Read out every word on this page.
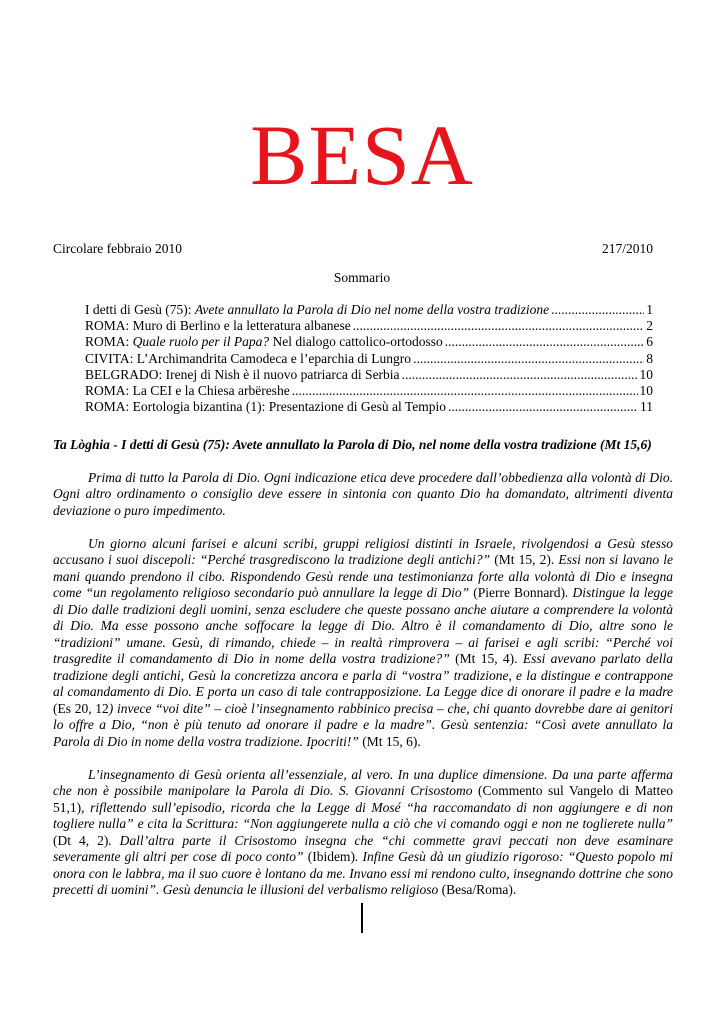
BESA
Circolare febbraio 2010	217/2010
Sommario
I detti di Gesù (75): Avete annullato la Parola di Dio nel nome della vostra tradizione .....	1
ROMA: Muro di Berlino e la letteratura albanese .....	2
ROMA: Quale ruolo per il Papa? Nel dialogo cattolico-ortodosso .....	6
CIVITA: L’Archimandrita Camodeca e l’eparchia di Lungro .....	8
BELGRADO: Irenej di Nish è il nuovo patriarca di Serbia .....	10
ROMA: La CEI e la Chiesa arbëreshe .....	10
ROMA: Eortologia bizantina (1): Presentazione di Gesù al Tempio .....	11
Ta Lòghia - I detti di Gesù (75): Avete annullato la Parola di Dio, nel nome della vostra tradizione (Mt 15,6)

Prima di tutto la Parola di Dio. Ogni indicazione etica deve procedere dall’obbedienza alla volontà di Dio. Ogni altro ordinamento o consiglio deve essere in sintonia con quanto Dio ha domandato, altrimenti diventa deviazione o puro impedimento.

Un giorno alcuni farisei e alcuni scribi, gruppi religiosi distinti in Israele, rivolgendosi a Gesù stesso accusano i suoi discepoli: “Perché trasgrediscono la tradizione degli antichi?” (Mt 15, 2). Essi non si lavano le mani quando prendono il cibo. Rispondendo Gesù rende una testimonianza forte alla volontà di Dio e insegna come “un regolamento religioso secondario può annullare la legge di Dio” (Pierre Bonnard). Distingue la legge di Dio dalle tradizioni degli uomini, senza escludere che queste possano anche aiutare a comprendere la volontà di Dio. Ma esse possono anche soffocare la legge di Dio. Altro è il comandamento di Dio, altre sono le “tradizioni” umane. Gesù, di rimando, chiede – in realtà rimprovera – ai farisei e agli scribi: “Perché voi trasgredite il comandamento di Dio in nome della vostra tradizione?” (Mt 15, 4). Essi avevano parlato della tradizione degli antichi, Gesù la concretizza ancora e parla di “vostra” tradizione, e la distingue e contrappone al comandamento di Dio. E porta un caso di tale contrapposizione. La Legge dice di onorare il padre e la madre (Es 20, 12) invece “voi dite” – cioè l’insegnamento rabbinico precisa – che, chi quanto dovrebbe dare ai genitori lo offre a Dio, “non è più tenuto ad onorare il padre e la madre”. Gesù sentenzia: “Così avete annullato la Parola di Dio in nome della vostra tradizione. Ipocriti!” (Mt 15, 6).

L’insegnamento di Gesù orienta all’essenziale, al vero. In una duplice dimensione. Da una parte afferma che non è possibile manipolare la Parola di Dio. S. Giovanni Crisostomo (Commento sul Vangelo di Matteo 51,1), riflettendo sull’episodio, ricorda che la Legge di Mosé “ha raccomandato di non aggiungere e di non togliere nulla” e cita la Scrittura: “Non aggiungerete nulla a ciò che vi comando oggi e non ne toglierete nulla” (Dt 4, 2). Dall’altra parte il Crisostomo insegna che “chi commette gravi peccati non deve esaminare severamente gli altri per cose di poco conto” (Ibidem). Infine Gesù dà un giudizio rigoroso: “Questo popolo mi onora con le labbra, ma il suo cuore è lontano da me. Invano essi mi rendono culto, insegnando dottrine che sono precetti di uomini”. Gesù denuncia le illusioni del verbalismo religioso (Besa/Roma).
